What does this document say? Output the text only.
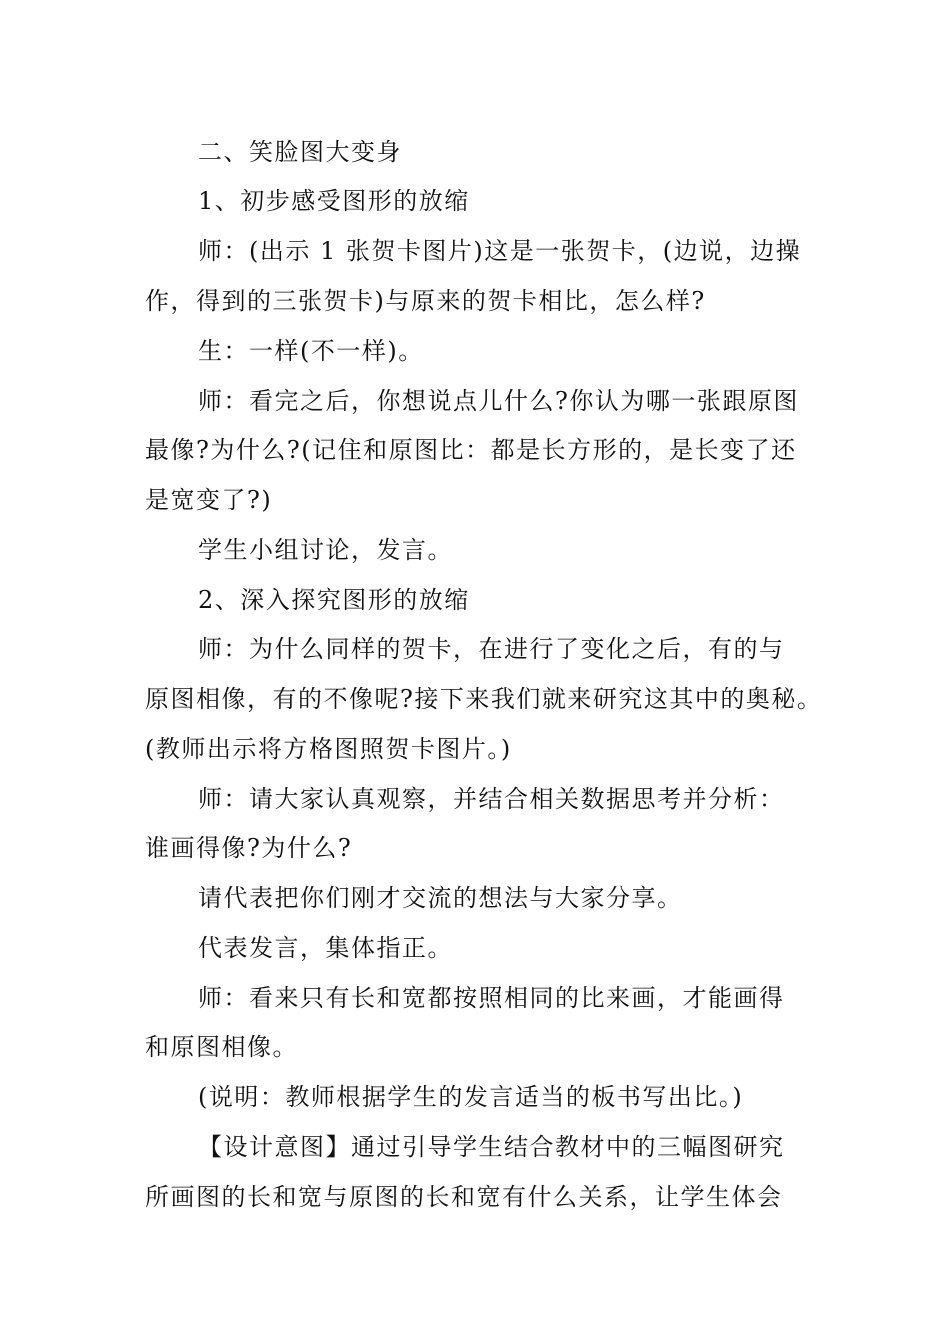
二、笑脸图大变身
1、初步感受图形的放缩
师：(出示 1 张贺卡图片)这是一张贺卡，(边说，边操
作，得到的三张贺卡)与原来的贺卡相比，怎么样?
生：一样(不一样)。
师：看完之后，你想说点儿什么?你认为哪一张跟原图
最像?为什么?(记住和原图比：都是长方形的，是长变了还
是宽变了?)
学生小组讨论，发言。
2、深入探究图形的放缩
师：为什么同样的贺卡，在进行了变化之后，有的与
原图相像，有的不像呢?接下来我们就来研究这其中的奥秘。
(教师出示将方格图照贺卡图片。)
师：请大家认真观察，并结合相关数据思考并分析：
谁画得像?为什么?
请代表把你们刚才交流的想法与大家分享。
代表发言，集体指正。
师：看来只有长和宽都按照相同的比来画，才能画得
和原图相像。
(说明：教师根据学生的发言适当的板书写出比。)
【设计意图】通过引导学生结合教材中的三幅图研究
所画图的长和宽与原图的长和宽有什么关系，让学生体会
